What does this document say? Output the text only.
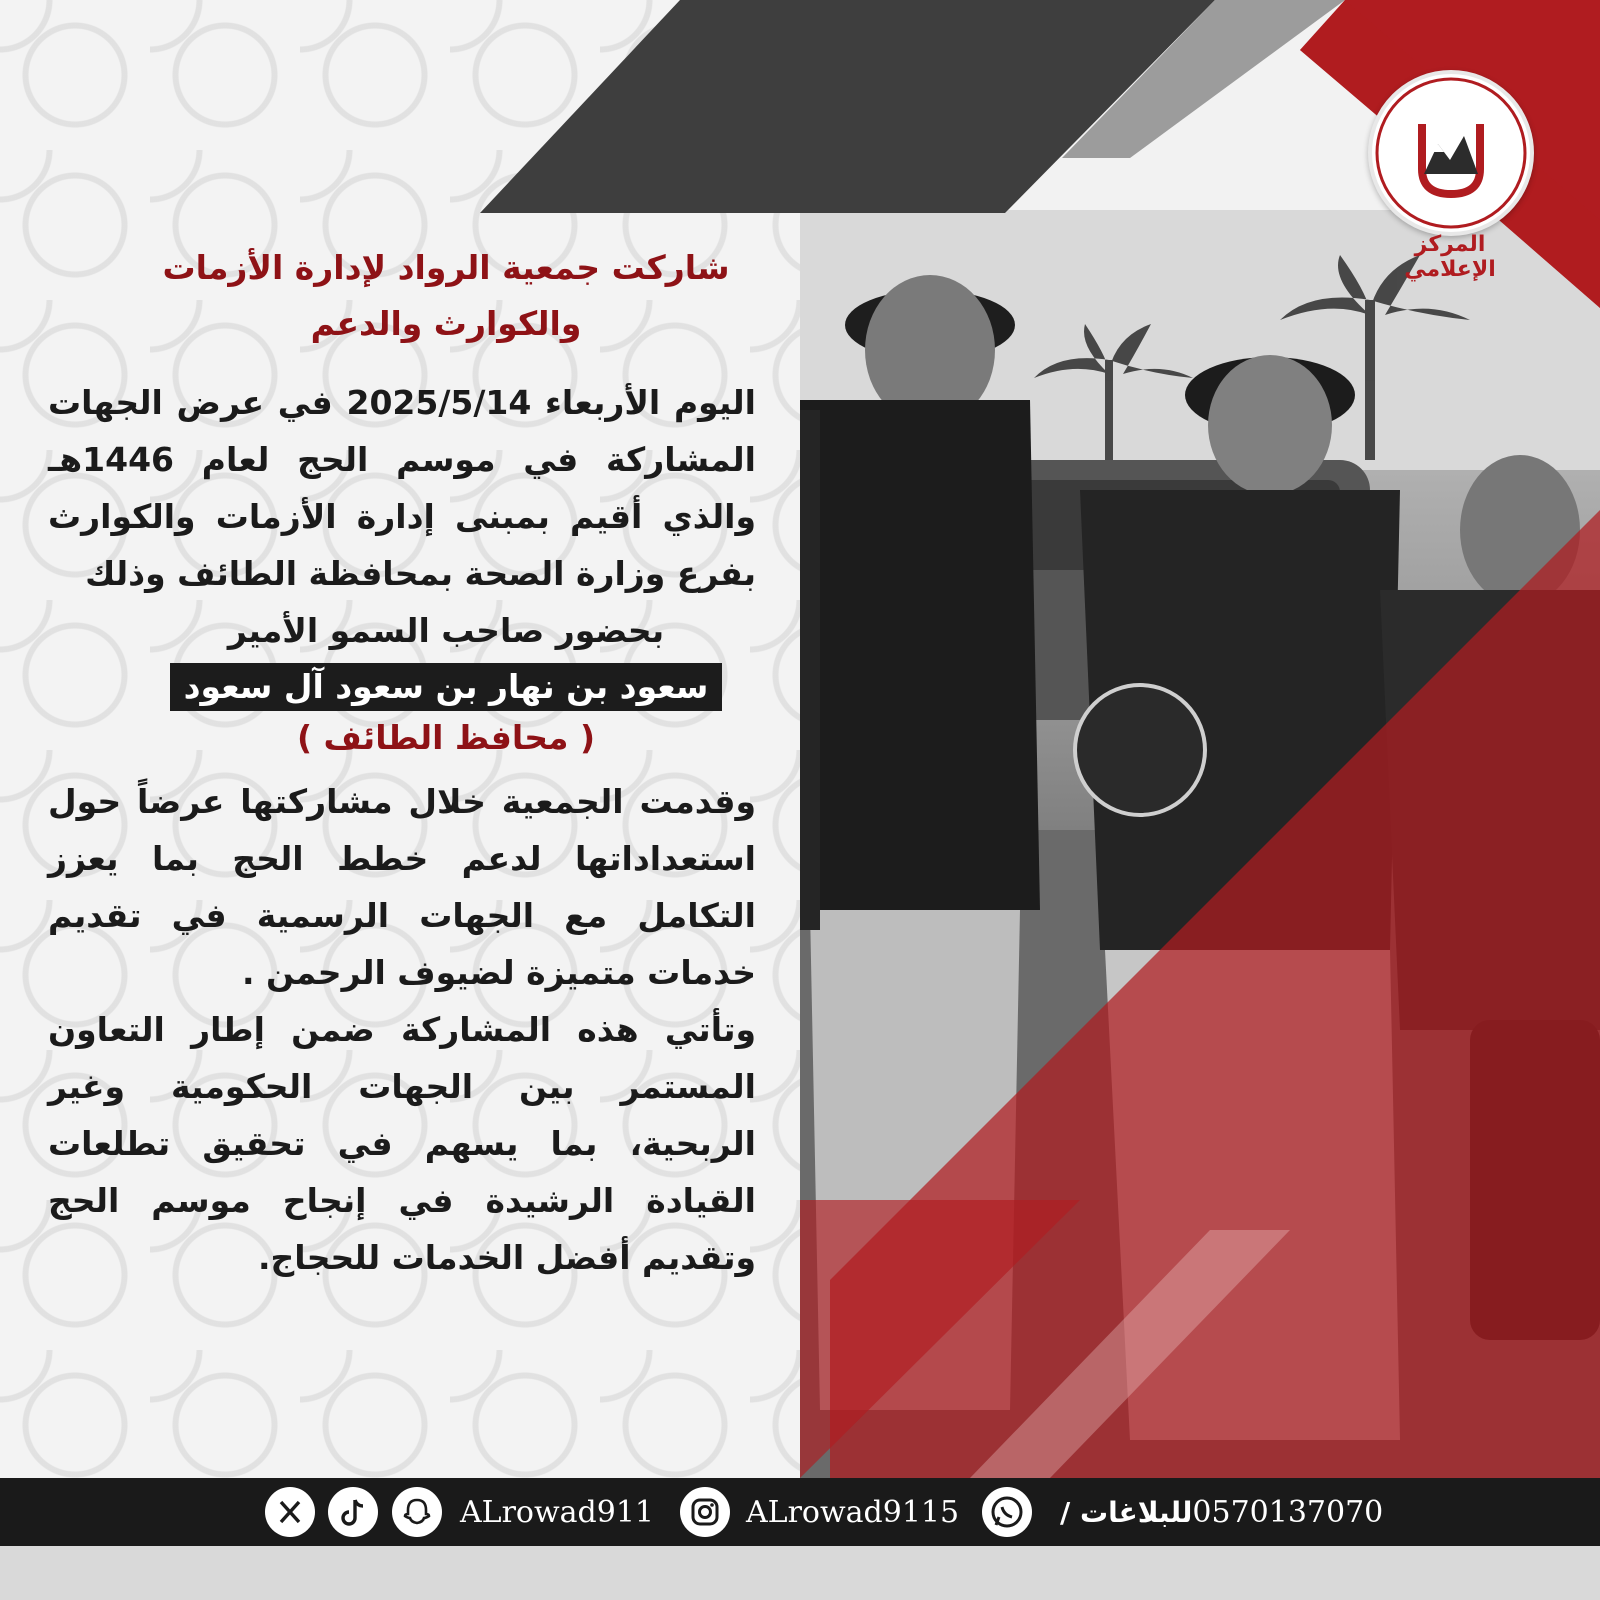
المركز الإعلامي
شاركت جمعية الرواد لإدارة الأزمات
والكوارث والدعم

اليوم الأربعاء 2025/5/14 في عرض الجهات المشاركة في موسم الحج لعام 1446هـ والذي أقيم بمبنى إدارة الأزمات والكوارث بفرع وزارة الصحة بمحافظة الطائف وذلك

بحضور صاحب السمو الأمير

سعود بن نهار بن سعود آل سعود

( محافظ الطائف )

وقدمت الجمعية خلال مشاركتها عرضاً حول استعداداتها لدعم خطط الحج بما يعزز التكامل مع الجهات الرسمية في تقديم خدمات متميزة لضيوف الرحمن .

وتأتي هذه المشاركة ضمن إطار التعاون المستمر بين الجهات الحكومية وغير الربحية، بما يسهم في تحقيق تطلعات القيادة الرشيدة في إنجاح موسم الحج وتقديم أفضل الخدمات للحجاج.

0570137070
للبلاغات /
ALrowad9115
ALrowad911
